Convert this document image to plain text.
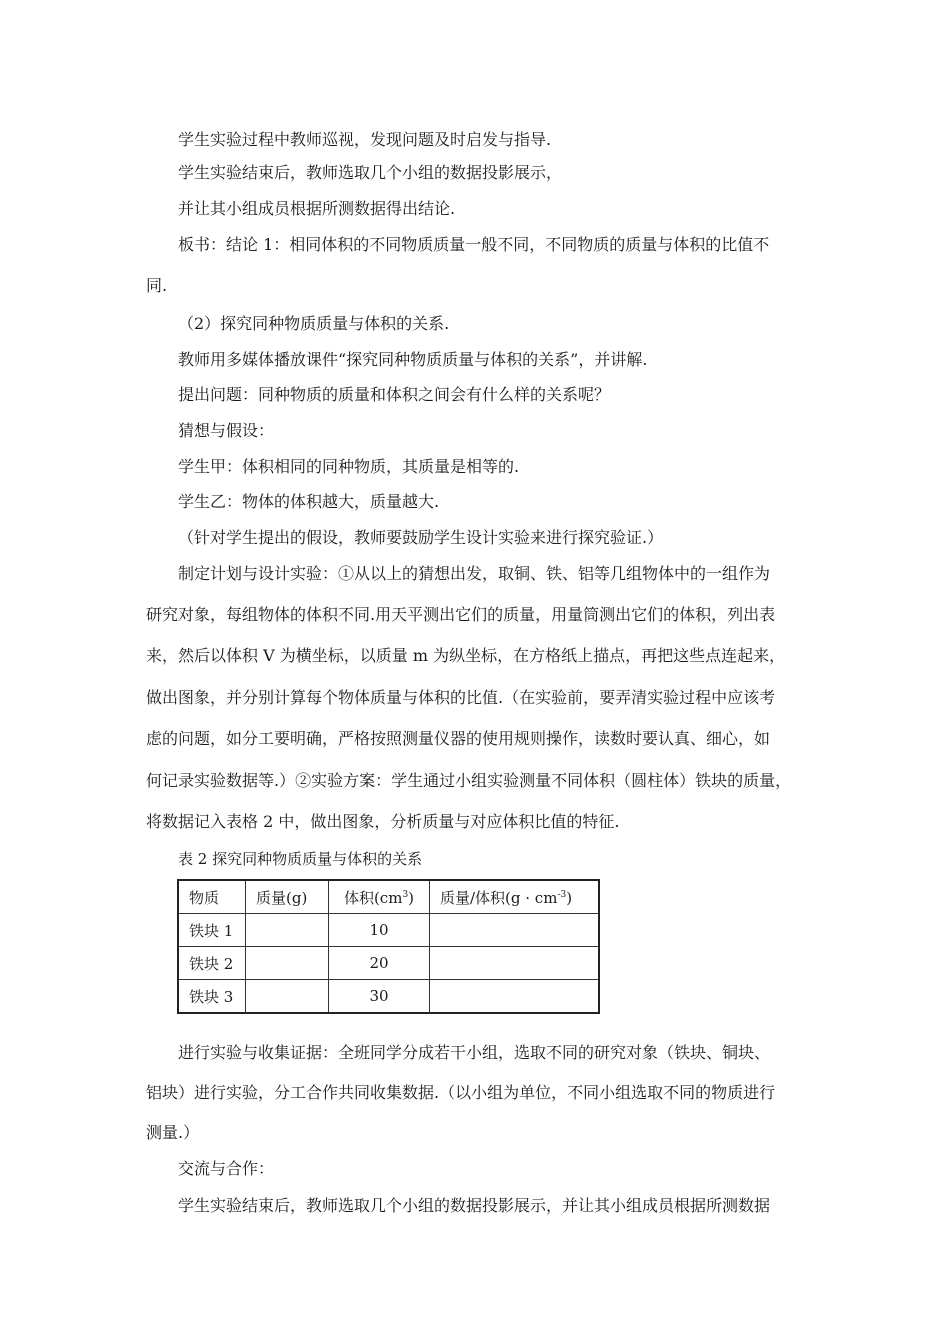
学生实验过程中教师巡视，发现问题及时启发与指导.
学生实验结束后，教师选取几个小组的数据投影展示，
并让其小组成员根据所测数据得出结论.
板书：结论 1：相同体积的不同物质质量一般不同，不同物质的质量与体积的比值不
同.
（2）探究同种物质质量与体积的关系.
教师用多媒体播放课件“探究同种物质质量与体积的关系”，并讲解.
提出问题：同种物质的质量和体积之间会有什么样的关系呢？
猜想与假设：
学生甲：体积相同的同种物质，其质量是相等的.
学生乙：物体的体积越大，质量越大.
（针对学生提出的假设，教师要鼓励学生设计实验来进行探究验证.）
制定计划与设计实验：①从以上的猜想出发，取铜、铁、铝等几组物体中的一组作为
研究对象，每组物体的体积不同.用天平测出它们的质量，用量筒测出它们的体积，列出表
来，然后以体积 V 为横坐标，以质量 m 为纵坐标，在方格纸上描点，再把这些点连起来，
做出图象，并分别计算每个物体质量与体积的比值.（在实验前，要弄清实验过程中应该考
虑的问题，如分工要明确，严格按照测量仪器的使用规则操作，读数时要认真、细心，如
何记录实验数据等.）②实验方案：学生通过小组实验测量不同体积（圆柱体）铁块的质量，
将数据记入表格 2 中，做出图象，分析质量与对应体积比值的特征.
表 2 探究同种物质质量与体积的关系
物质	质量(g)	体积$(cm^3)$	质量/体积$(g \cdot cm^{-3})$
铁块 1		10	
铁块 2		20	
铁块 3		30	
进行实验与收集证据：全班同学分成若干小组，选取不同的研究对象（铁块、铜块、
铝块）进行实验，分工合作共同收集数据.（以小组为单位，不同小组选取不同的物质进行
测量.）
交流与合作：
学生实验结束后，教师选取几个小组的数据投影展示，并让其小组成员根据所测数据
